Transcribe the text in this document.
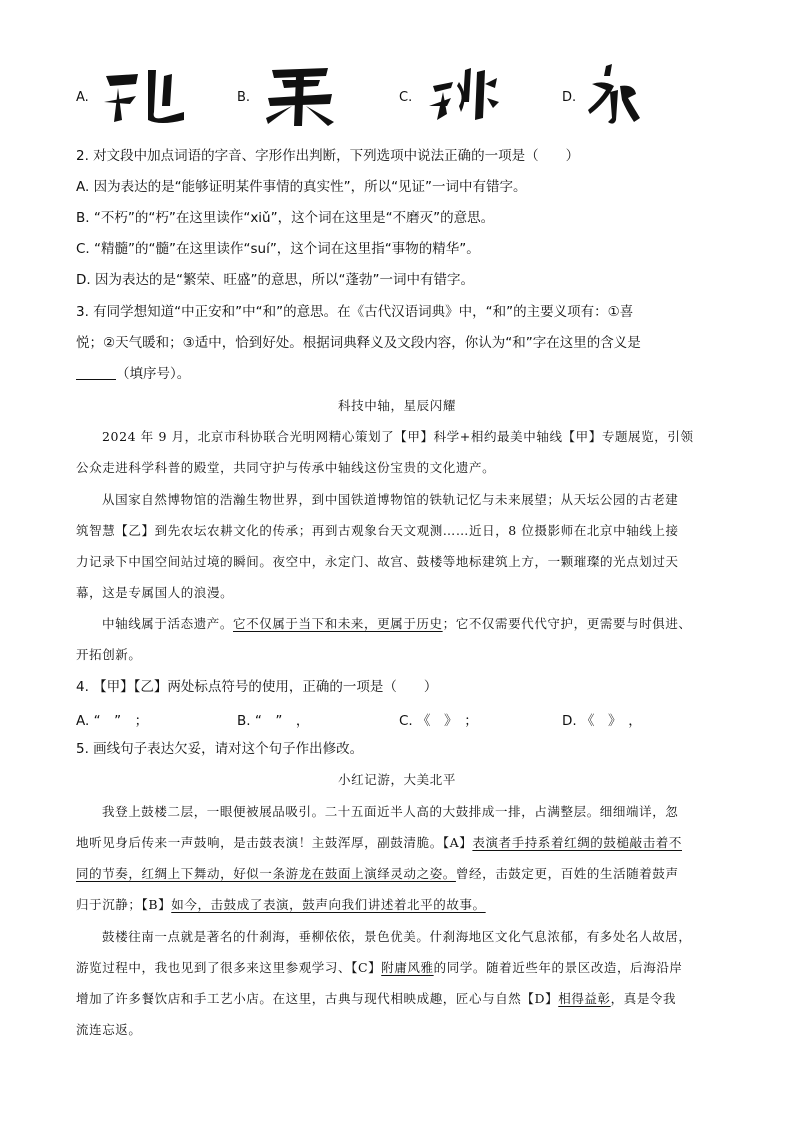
A.	B.	C.	D.
2. 对文段中加点词语的字音、字形作出判断，下列选项中说法正确的一项是（　　）
A. 因为表达的是“能够证明某件事情的真实性”，所以“见证”一词中有错字。
B. “不朽”的“朽”在这里读作“xiǔ”，这个词在这里是“不磨灭”的意思。
C. “精髓”的“髓”在这里读作“suí”，这个词在这里指“事物的精华”。
D. 因为表达的是“繁荣、旺盛”的意思，所以“蓬勃”一词中有错字。
3. 有同学想知道“中正安和”中“和”的意思。在《古代汉语词典》中，“和”的主要义项有：①喜
悦；②天气暖和；③适中，恰到好处。根据词典释义及文段内容，你认为“和”字在这里的含义是
（填序号）。
科技中轴，星辰闪耀
2024 年 9 月，北京市科协联合光明网精心策划了【甲】科学+相约最美中轴线【甲】专题展览，引领
公众走进科学科普的殿堂，共同守护与传承中轴线这份宝贵的文化遗产。
从国家自然博物馆的浩瀚生物世界，到中国铁道博物馆的铁轨记忆与未来展望；从天坛公园的古老建
筑智慧【乙】到先农坛农耕文化的传承；再到古观象台天文观测……近日，8 位摄影师在北京中轴线上接
力记录下中国空间站过境的瞬间。夜空中，永定门、故宫、鼓楼等地标建筑上方，一颗璀璨的光点划过天
幕，这是专属国人的浪漫。
中轴线属于活态遗产。它不仅属于当下和未来，更属于历史；它不仅需要代代守护，更需要与时俱进、
开拓创新。
4. 【甲】【乙】两处标点符号的使用，正确的一项是（　　）
A. “　”　；	B. “　”　，	C. 《　》　；	D. 《　》　，
5. 画线句子表达欠妥，请对这个句子作出修改。
小红记游，大美北平
我登上鼓楼二层，一眼便被展品吸引。二十五面近半人高的大鼓排成一排，占满整层。细细端详，忽
地听见身后传来一声鼓响，是击鼓表演！主鼓浑厚，副鼓清脆。【A】表演者手持系着红绸的鼓槌敲击着不
同的节奏，红绸上下舞动，好似一条游龙在鼓面上演绎灵动之姿。曾经，击鼓定更，百姓的生活随着鼓声
归于沉静；【B】如今，击鼓成了表演，鼓声向我们讲述着北平的故事。
鼓楼往南一点就是著名的什刹海，垂柳依依，景色优美。什刹海地区文化气息浓郁，有多处名人故居，
游览过程中，我也见到了很多来这里参观学习、【C】附庸风雅的同学。随着近些年的景区改造，后海沿岸
增加了许多餐饮店和手工艺小店。在这里，古典与现代相映成趣，匠心与自然【D】相得益彰，真是令我
流连忘返。
